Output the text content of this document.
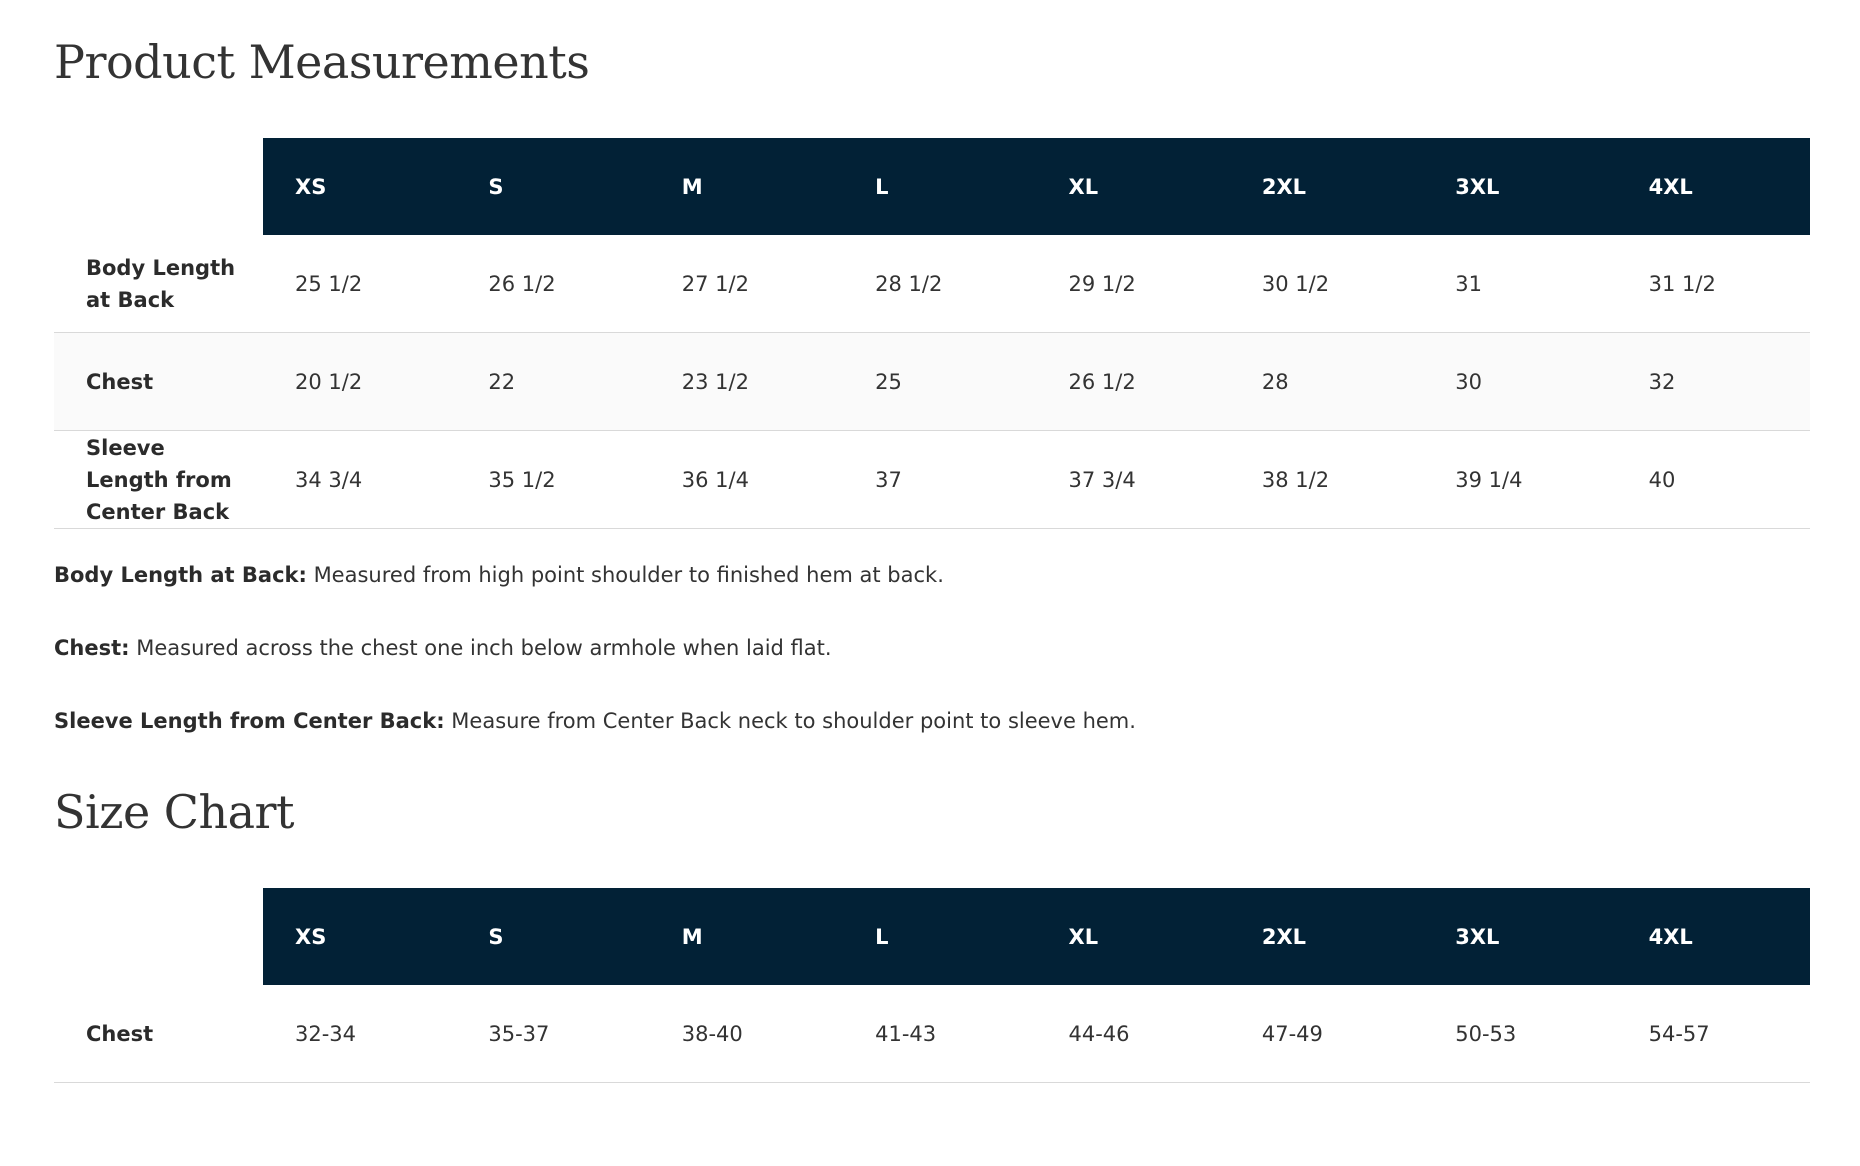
Product Measurements
	XS	S	M	L	XL	2XL	3XL	4XL
Body Length at Back	25 1/2	26 1/2	27 1/2	28 1/2	29 1/2	30 1/2	31	31 1/2
Chest	20 1/2	22	23 1/2	25	26 1/2	28	30	32
Sleeve Length from Center Back	34 3/4	35 1/2	36 1/4	37	37 3/4	38 1/2	39 1/4	40

Body Length at Back: Measured from high point shoulder to finished hem at back.

Chest: Measured across the chest one inch below armhole when laid flat.

Sleeve Length from Center Back: Measure from Center Back neck to shoulder point to sleeve hem.

Size Chart
	XS	S	M	L	XL	2XL	3XL	4XL
Chest	32-34	35-37	38-40	41-43	44-46	47-49	50-53	54-57
